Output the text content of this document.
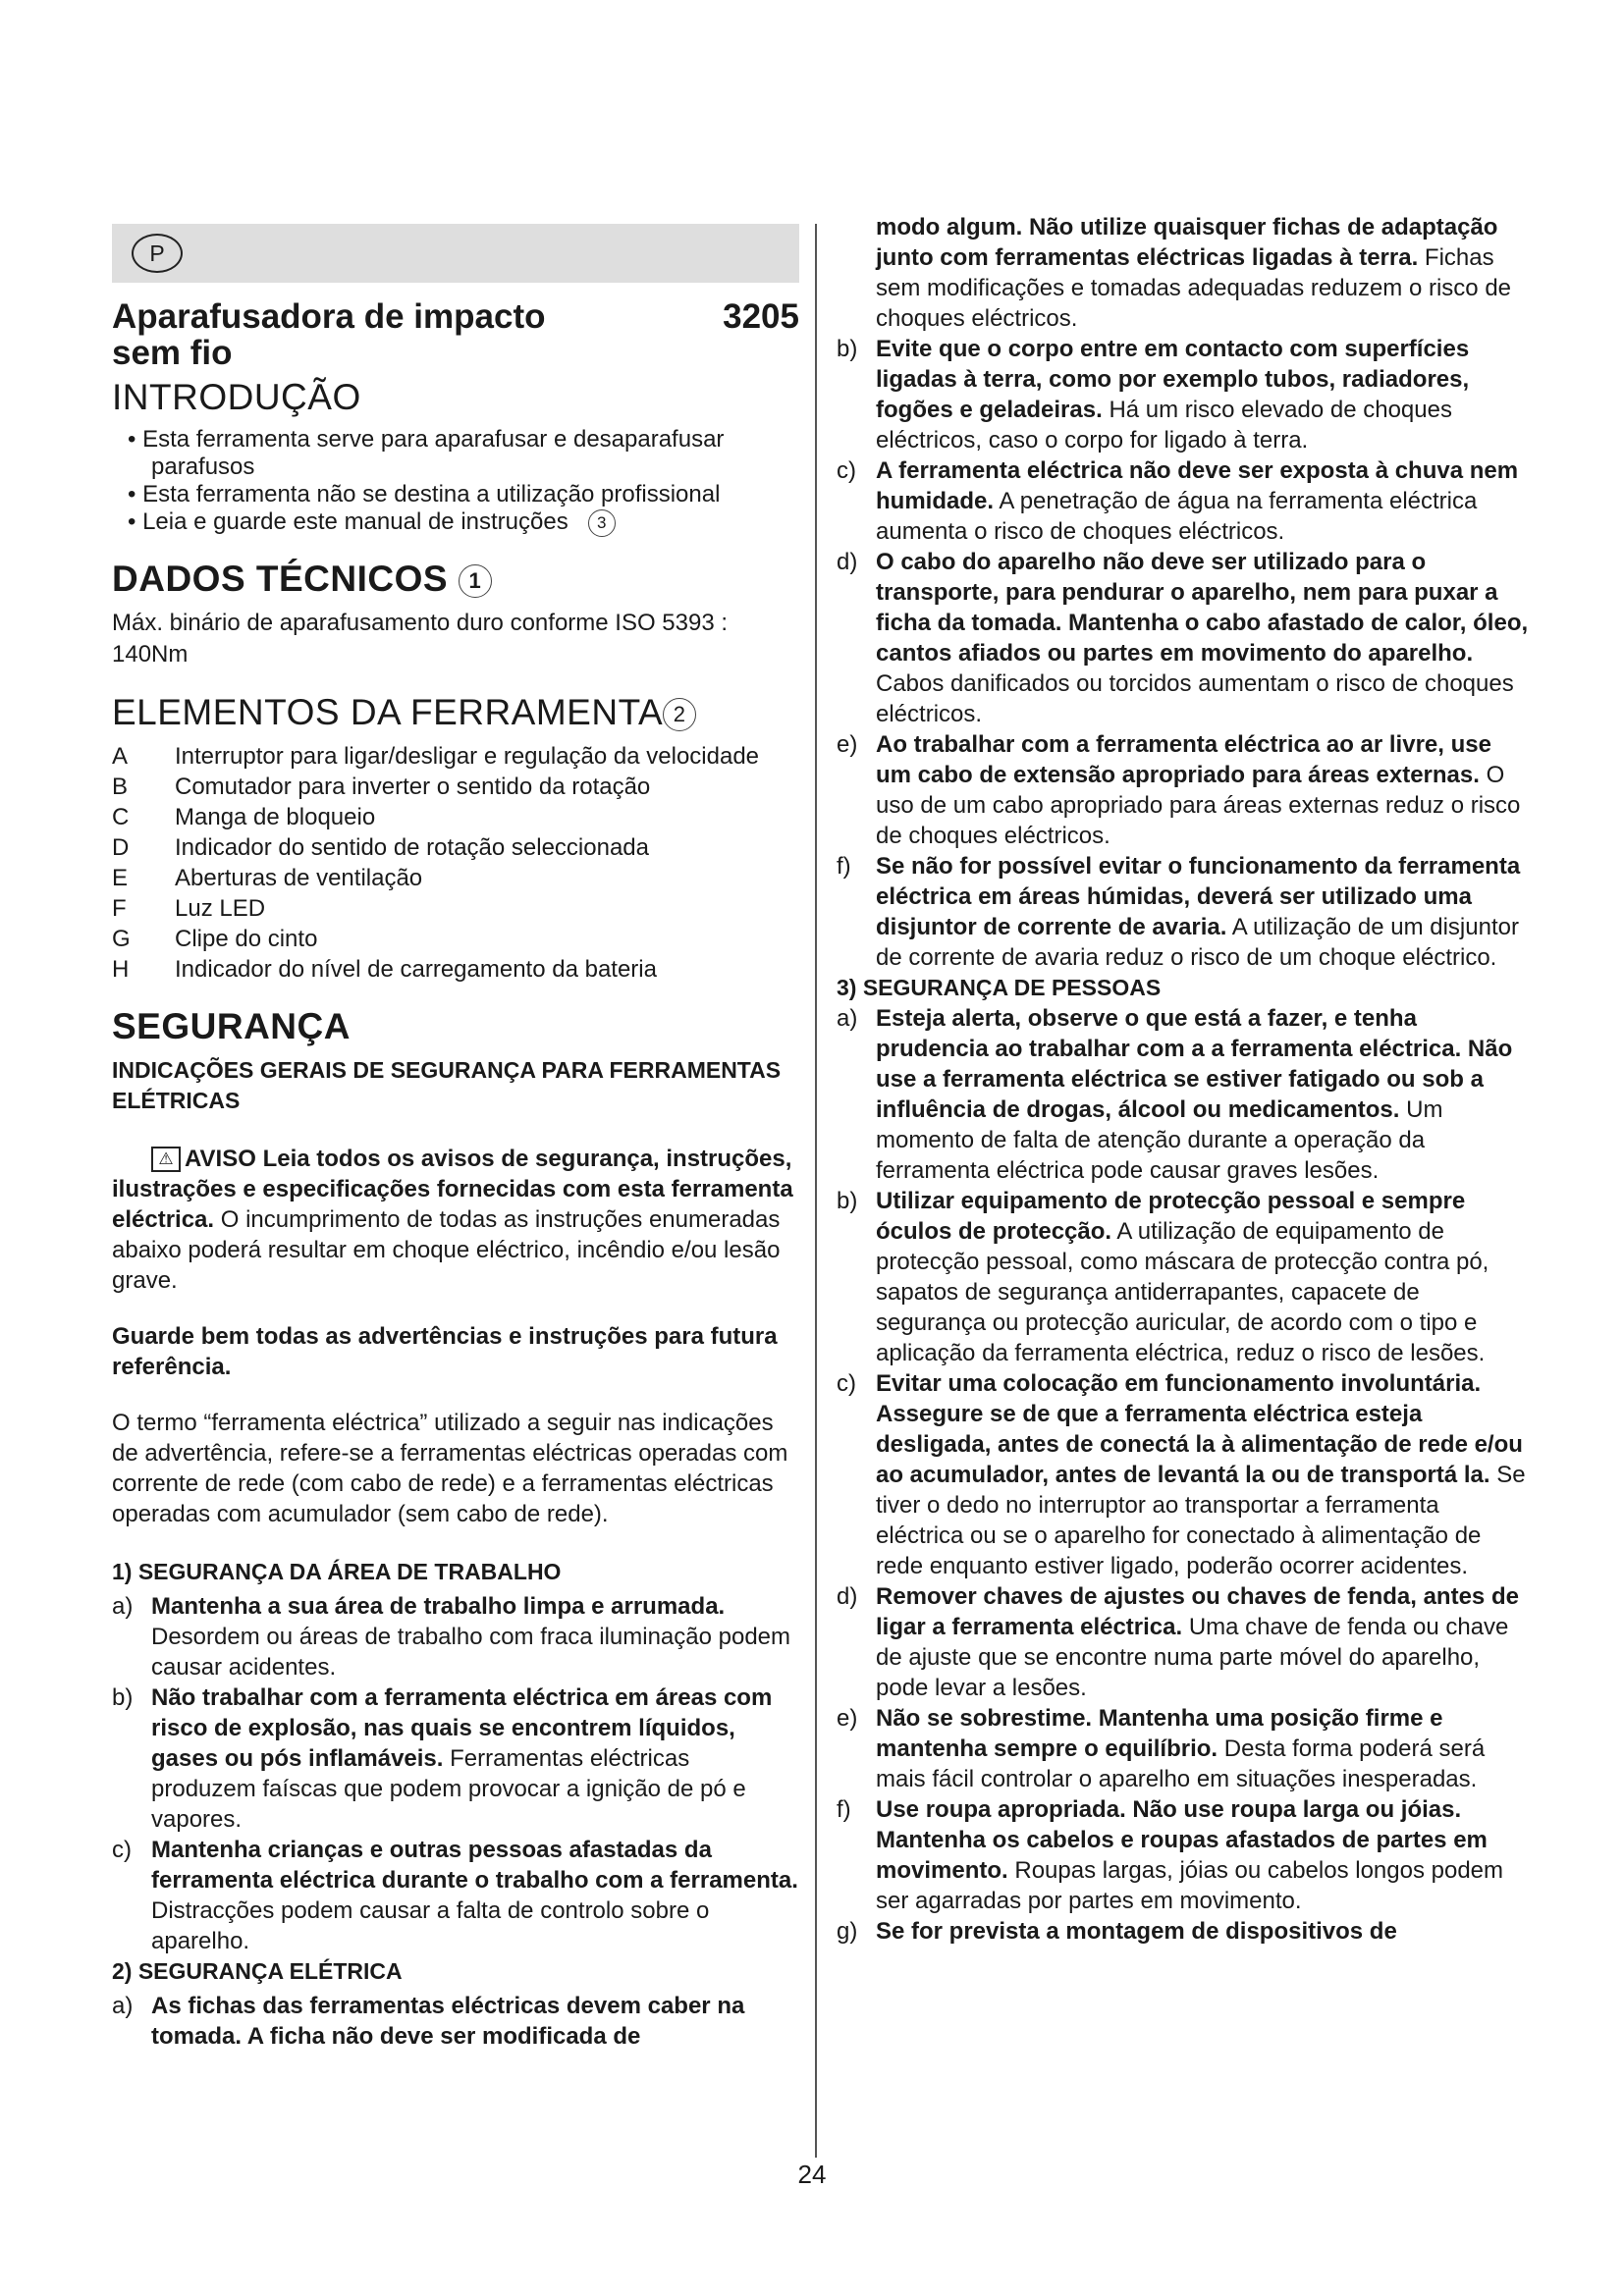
P
Aparafusadora de impacto sem fio
3205
INTRODUÇÃO
• Esta ferramenta serve para aparafusar e desaparafusar parafusos
• Esta ferramenta não se destina a utilização profissional
• Leia e guarde este manual de instruções 3
DADOS TÉCNICOS 1
Máx. binário de aparafusamento duro conforme ISO 5393 : 140Nm
ELEMENTOS DA FERRAMENTA 2
A	Interruptor para ligar/desligar e regulação da velocidade
B	Comutador para inverter o sentido da rotação
C	Manga de bloqueio
D	Indicador do sentido de rotação seleccionada
E	Aberturas de ventilação
F	Luz LED
G	Clipe do cinto
H	Indicador do nível de carregamento da bateria
SEGURANÇA
INDICAÇÕES GERAIS DE SEGURANÇA PARA FERRAMENTAS ELÉTRICAS
⚠ AVISO Leia todos os avisos de segurança, instruções, ilustrações e especificações fornecidas com esta ferramenta eléctrica. O incumprimento de todas as instruções enumeradas abaixo poderá resultar em choque eléctrico, incêndio e/ou lesão grave.
Guarde bem todas as advertências e instruções para futura referência.
O termo “ferramenta eléctrica” utilizado a seguir nas indicações de advertência, refere-se a ferramentas eléctricas operadas com corrente de rede (com cabo de rede) e a ferramentas eléctricas operadas com acumulador (sem cabo de rede).
1) SEGURANÇA DA ÁREA DE TRABALHO
a) Mantenha a sua área de trabalho limpa e arrumada. Desordem ou áreas de trabalho com fraca iluminação podem causar acidentes.
b) Não trabalhar com a ferramenta eléctrica em áreas com risco de explosão, nas quais se encontrem líquidos, gases ou pós inflamáveis. Ferramentas eléctricas produzem faíscas que podem provocar a ignição de pó e vapores.
c) Mantenha crianças e outras pessoas afastadas da ferramenta eléctrica durante o trabalho com a ferramenta. Distracções podem causar a falta de controlo sobre o aparelho.
2) SEGURANÇA ELÉTRICA
a) As fichas das ferramentas eléctricas devem caber na tomada. A ficha não deve ser modificada de
modo algum. Não utilize quaisquer fichas de adaptação junto com ferramentas eléctricas ligadas à terra. Fichas sem modificações e tomadas adequadas reduzem o risco de choques eléctricos.
b) Evite que o corpo entre em contacto com superfícies ligadas à terra, como por exemplo tubos, radiadores, fogões e geladeiras. Há um risco elevado de choques eléctricos, caso o corpo for ligado à terra.
c) A ferramenta eléctrica não deve ser exposta à chuva nem humidade. A penetração de água na ferramenta eléctrica aumenta o risco de choques eléctricos.
d) O cabo do aparelho não deve ser utilizado para o transporte, para pendurar o aparelho, nem para puxar a ficha da tomada. Mantenha o cabo afastado de calor, óleo, cantos afiados ou partes em movimento do aparelho. Cabos danificados ou torcidos aumentam o risco de choques eléctricos.
e) Ao trabalhar com a ferramenta eléctrica ao ar livre, use um cabo de extensão apropriado para áreas externas. O uso de um cabo apropriado para áreas externas reduz o risco de choques eléctricos.
f) Se não for possível evitar o funcionamento da ferramenta eléctrica em áreas húmidas, deverá ser utilizado uma disjuntor de corrente de avaria. A utilização de um disjuntor de corrente de avaria reduz o risco de um choque eléctrico.
3) SEGURANÇA DE PESSOAS
a) Esteja alerta, observe o que está a fazer, e tenha prudencia ao trabalhar com a a ferramenta eléctrica. Não use a ferramenta eléctrica se estiver fatigado ou sob a influência de drogas, álcool ou medicamentos. Um momento de falta de atenção durante a operação da ferramenta eléctrica pode causar graves lesões.
b) Utilizar equipamento de protecção pessoal e sempre óculos de protecção. A utilização de equipamento de protecção pessoal, como máscara de protecção contra pó, sapatos de segurança antiderrapantes, capacete de segurança ou protecção auricular, de acordo com o tipo e aplicação da ferramenta eléctrica, reduz o risco de lesões.
c) Evitar uma colocação em funcionamento involuntária. Assegure se de que a ferramenta eléctrica esteja desligada, antes de conectá la à alimentação de rede e/ou ao acumulador, antes de levantá la ou de transportá la. Se tiver o dedo no interruptor ao transportar a ferramenta eléctrica ou se o aparelho for conectado à alimentação de rede enquanto estiver ligado, poderão ocorrer acidentes.
d) Remover chaves de ajustes ou chaves de fenda, antes de ligar a ferramenta eléctrica. Uma chave de fenda ou chave de ajuste que se encontre numa parte móvel do aparelho, pode levar a lesões.
e) Não se sobrestime. Mantenha uma posição firme e mantenha sempre o equilíbrio. Desta forma poderá será mais fácil controlar o aparelho em situações inesperadas.
f) Use roupa apropriada. Não use roupa larga ou jóias. Mantenha os cabelos e roupas afastados de partes em movimento. Roupas largas, jóias ou cabelos longos podem ser agarradas por partes em movimento.
g) Se for prevista a montagem de dispositivos de
24
